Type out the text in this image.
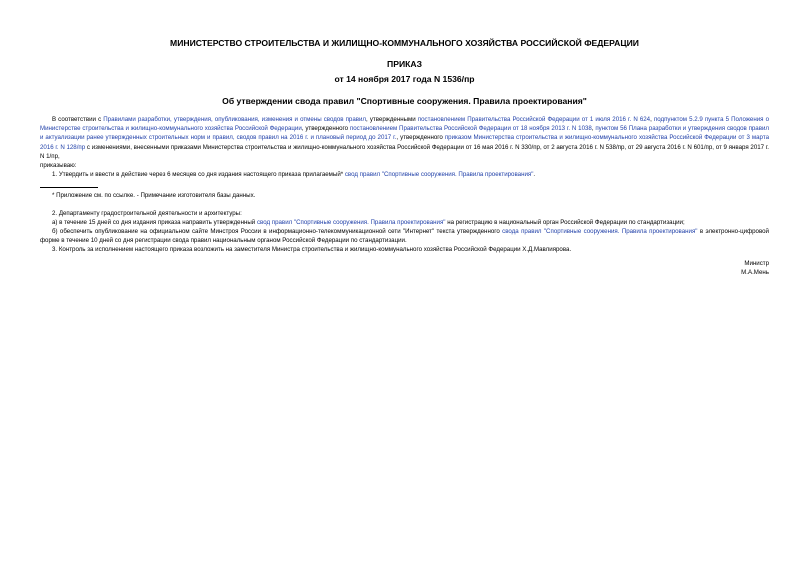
МИНИСТЕРСТВО СТРОИТЕЛЬСТВА И ЖИЛИЩНО-КОММУНАЛЬНОГО ХОЗЯЙСТВА РОССИЙСКОЙ ФЕДЕРАЦИИ

ПРИКАЗ

от 14 ноября 2017 года N 1536/пр

Об утверждении свода правил "Спортивные сооружения. Правила проектирования"

В соответствии с Правилами разработки, утверждения, опубликования, изменения и отмены сводов правил, утвержденными постановлением Правительства Российской Федерации от 1 июля 2016 г. N 624, подпунктом 5.2.9 пункта 5 Положения о Министерстве строительства и жилищно-коммунального хозяйства Российской Федерации, утвержденного постановлением Правительства Российской Федерации от 18 ноября 2013 г. N 1038, пунктом 56 Плана разработки и утверждения сводов правил и актуализации ранее утвержденных строительных норм и правил, сводов правил на 2016 г. и плановый период до 2017 г., утвержденного приказом Министерства строительства и жилищно-коммунального хозяйства Российской Федерации от 3 марта 2016 г. N 128/пр с изменениями, внесенными приказами Министерства строительства и жилищно-коммунального хозяйства Российской Федерации от 16 мая 2016 г. N 330/пр, от 2 августа 2016 г. N 538/пр, от 29 августа 2016 г. N 601/пр, от 9 января 2017 г. N 1/пр,

приказываю:

1. Утвердить и ввести в действие через 6 месяцев со дня издания настоящего приказа прилагаемый* свод правил "Спортивные сооружения. Правила проектирования".

* Приложение см. по ссылке. - Примечание изготовителя базы данных.

2. Департаменту градостроительной деятельности и архитектуры:

а) в течение 15 дней со дня издания приказа направить утвержденный свод правил "Спортивные сооружения. Правила проектирования" на регистрацию в национальный орган Российской Федерации по стандартизации;

б) обеспечить опубликование на официальном сайте Минстроя России в информационно-телекоммуникационной сети "Интернет" текста утвержденного свода правил "Спортивные сооружения. Правила проектирования" в электронно-цифровой форме в течение 10 дней со дня регистрации свода правил национальным органом Российской Федерации по стандартизации.

3. Контроль за исполнением настоящего приказа возложить на заместителя Министра строительства и жилищно-коммунального хозяйства Российской Федерации Х.Д.Мавлиярова.

Министр
М.А.Мень
